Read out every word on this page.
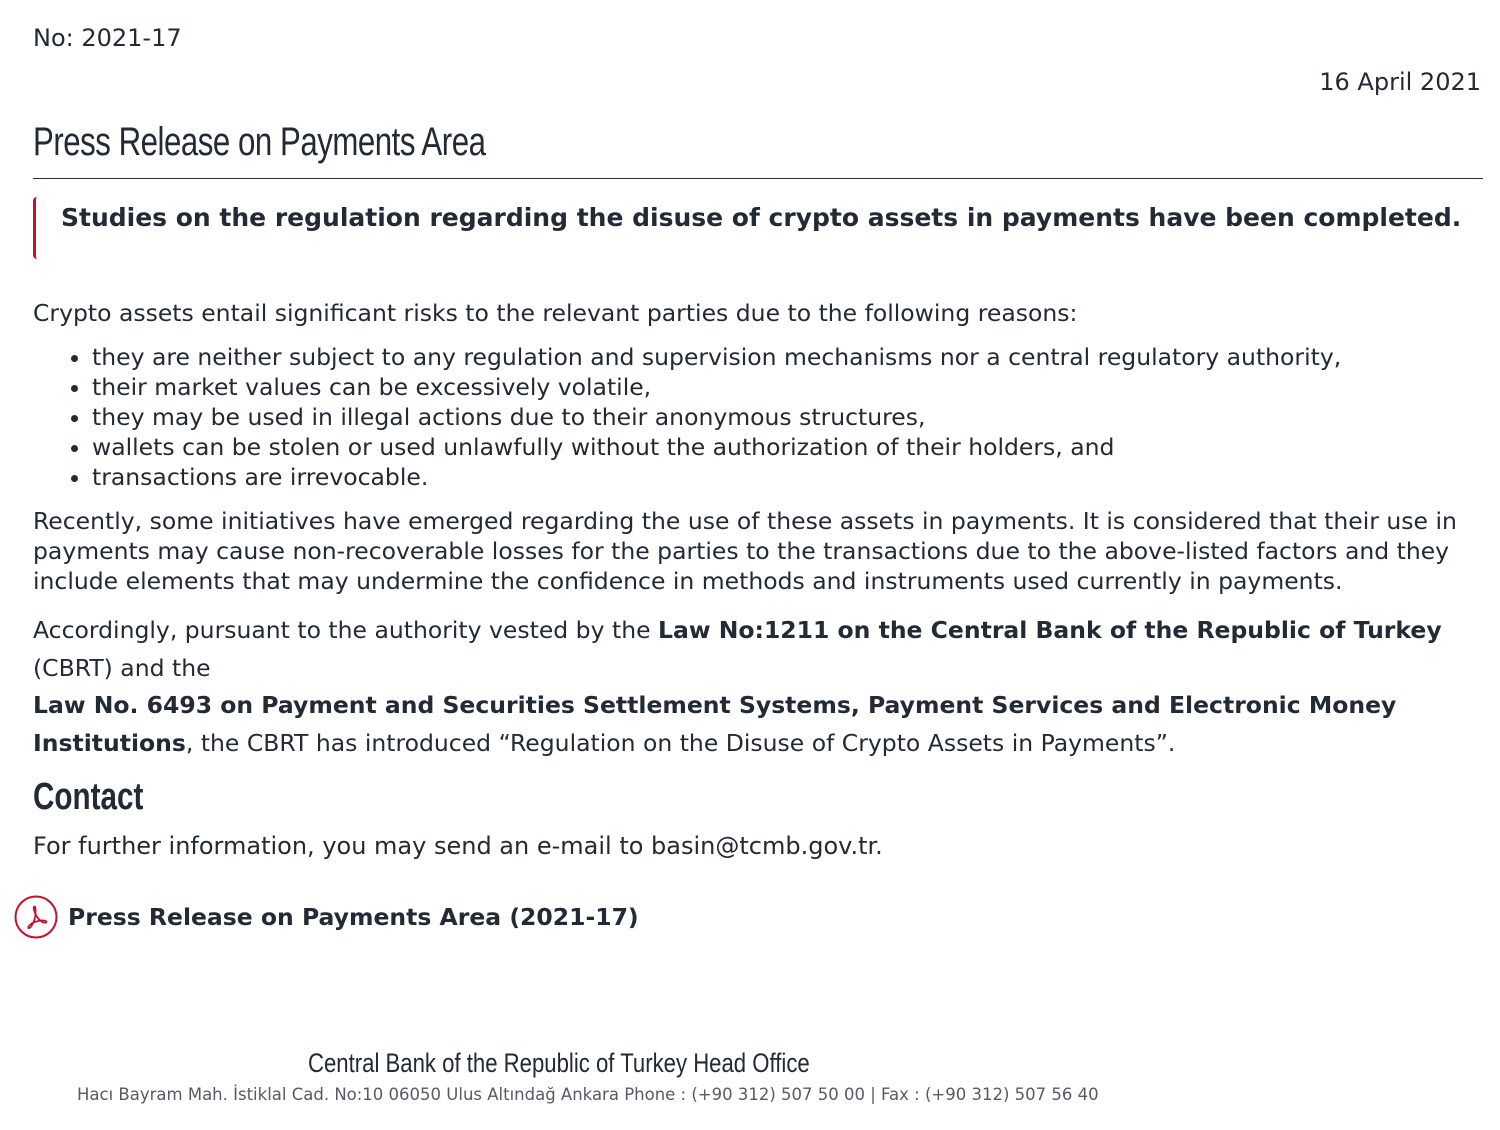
No: 2021-17
16 April 2021
Press Release on Payments Area
Studies on the regulation regarding the disuse of crypto assets in payments have been completed.

Crypto assets entail significant risks to the relevant parties due to the following reasons:

• they are neither subject to any regulation and supervision mechanisms nor a central regulatory authority,
• their market values can be excessively volatile,
• they may be used in illegal actions due to their anonymous structures,
• wallets can be stolen or used unlawfully without the authorization of their holders, and
• transactions are irrevocable.

Recently, some initiatives have emerged regarding the use of these assets in payments. It is considered that their use in payments may cause non-recoverable losses for the parties to the transactions due to the above-listed factors and they include elements that may undermine the confidence in methods and instruments used currently in payments.

Accordingly, pursuant to the authority vested by the Law No:1211 on the Central Bank of the Republic of Turkey (CBRT) and the
Law No. 6493 on Payment and Securities Settlement Systems, Payment Services and Electronic Money Institutions, the CBRT has introduced “Regulation on the Disuse of Crypto Assets in Payments”.

Contact
For further information, you may send an e-mail to basin@tcmb.gov.tr.
Press Release on Payments Area (2021-17)
Central Bank of the Republic of Turkey Head Office
Hacı Bayram Mah. İstiklal Cad. No:10 06050 Ulus Altındağ Ankara Phone : (+90 312) 507 50 00 | Fax : (+90 312) 507 56 40
